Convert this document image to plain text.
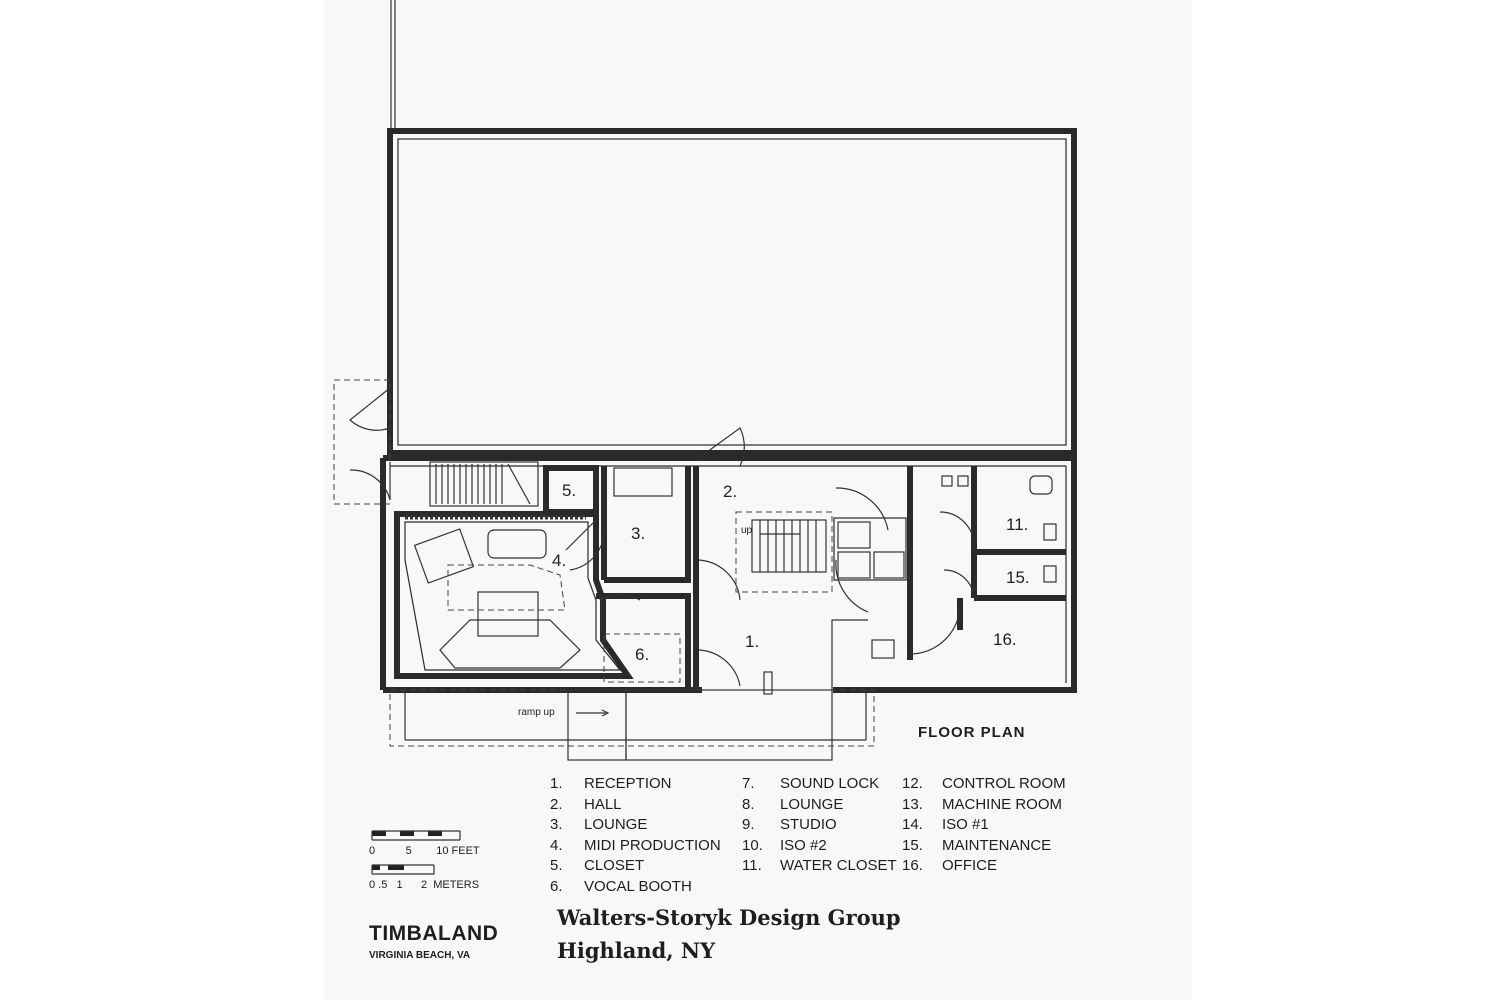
5.	2.
3.
4.
6.
1.
11.
15.
16.
up
ramp up
FLOOR PLAN
1.	RECEPTION
2.	HALL
3.	LOUNGE
4.	MIDI PRODUCTION
5.	CLOSET
6.	VOCAL BOOTH
7.	SOUND LOCK
8.	LOUNGE
9.	STUDIO
10.	ISO #2
11.	WATER CLOSET
12.	CONTROL ROOM
13.	MACHINE ROOM
14.	ISO #1
15.	MAINTENANCE
16.	OFFICE
0          5        10 FEET
0 .5   1      2  METERS
TIMBALAND
VIRGINIA BEACH, VA
Walters-Storyk Design Group
Highland, NY
